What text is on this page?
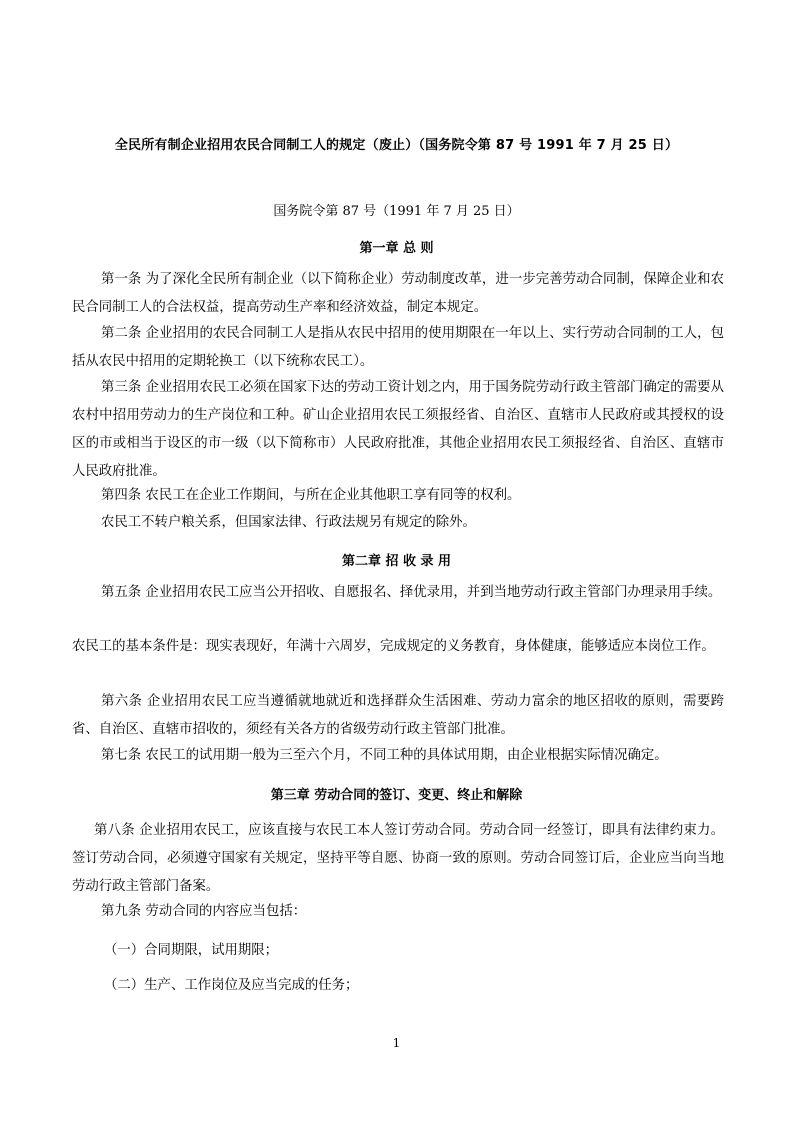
全民所有制企业招用农民合同制工人的规定（废止）（国务院令第 87 号 1991 年 7 月 25 日）
国务院令第 87 号（1991 年 7 月 25 日）
第一章 总 则
第一条 为了深化全民所有制企业（以下简称企业）劳动制度改革，进一步完善劳动合同制，保障企业和农民合同制工人的合法权益，提高劳动生产率和经济效益，制定本规定。
第二条 企业招用的农民合同制工人是指从农民中招用的使用期限在一年以上、实行劳动合同制的工人，包括从农民中招用的定期轮换工（以下统称农民工）。
第三条 企业招用农民工必须在国家下达的劳动工资计划之内，用于国务院劳动行政主管部门确定的需要从农村中招用劳动力的生产岗位和工种。矿山企业招用农民工须报经省、自治区、直辖市人民政府或其授权的设区的市或相当于设区的市一级（以下简称市）人民政府批准，其他企业招用农民工须报经省、自治区、直辖市人民政府批准。
第四条 农民工在企业工作期间，与所在企业其他职工享有同等的权利。
农民工不转户粮关系，但国家法律、行政法规另有规定的除外。
第二章 招 收 录 用
第五条 企业招用农民工应当公开招收、自愿报名、择优录用，并到当地劳动行政主管部门办理录用手续。
农民工的基本条件是：现实表现好，年满十六周岁，完成规定的义务教育，身体健康，能够适应本岗位工作。
第六条 企业招用农民工应当遵循就地就近和选择群众生活困难、劳动力富余的地区招收的原则，需要跨省、自治区、直辖市招收的，须经有关各方的省级劳动行政主管部门批准。
第七条 农民工的试用期一般为三至六个月，不同工种的具体试用期，由企业根据实际情况确定。
第三章 劳动合同的签订、变更、终止和解除
第八条 企业招用农民工，应该直接与农民工本人签订劳动合同。劳动合同一经签订，即具有法律约束力。签订劳动合同，必须遵守国家有关规定，坚持平等自愿、协商一致的原则。劳动合同签订后，企业应当向当地劳动行政主管部门备案。
第九条 劳动合同的内容应当包括：
（一）合同期限，试用期限；
（二）生产、工作岗位及应当完成的任务；
1
